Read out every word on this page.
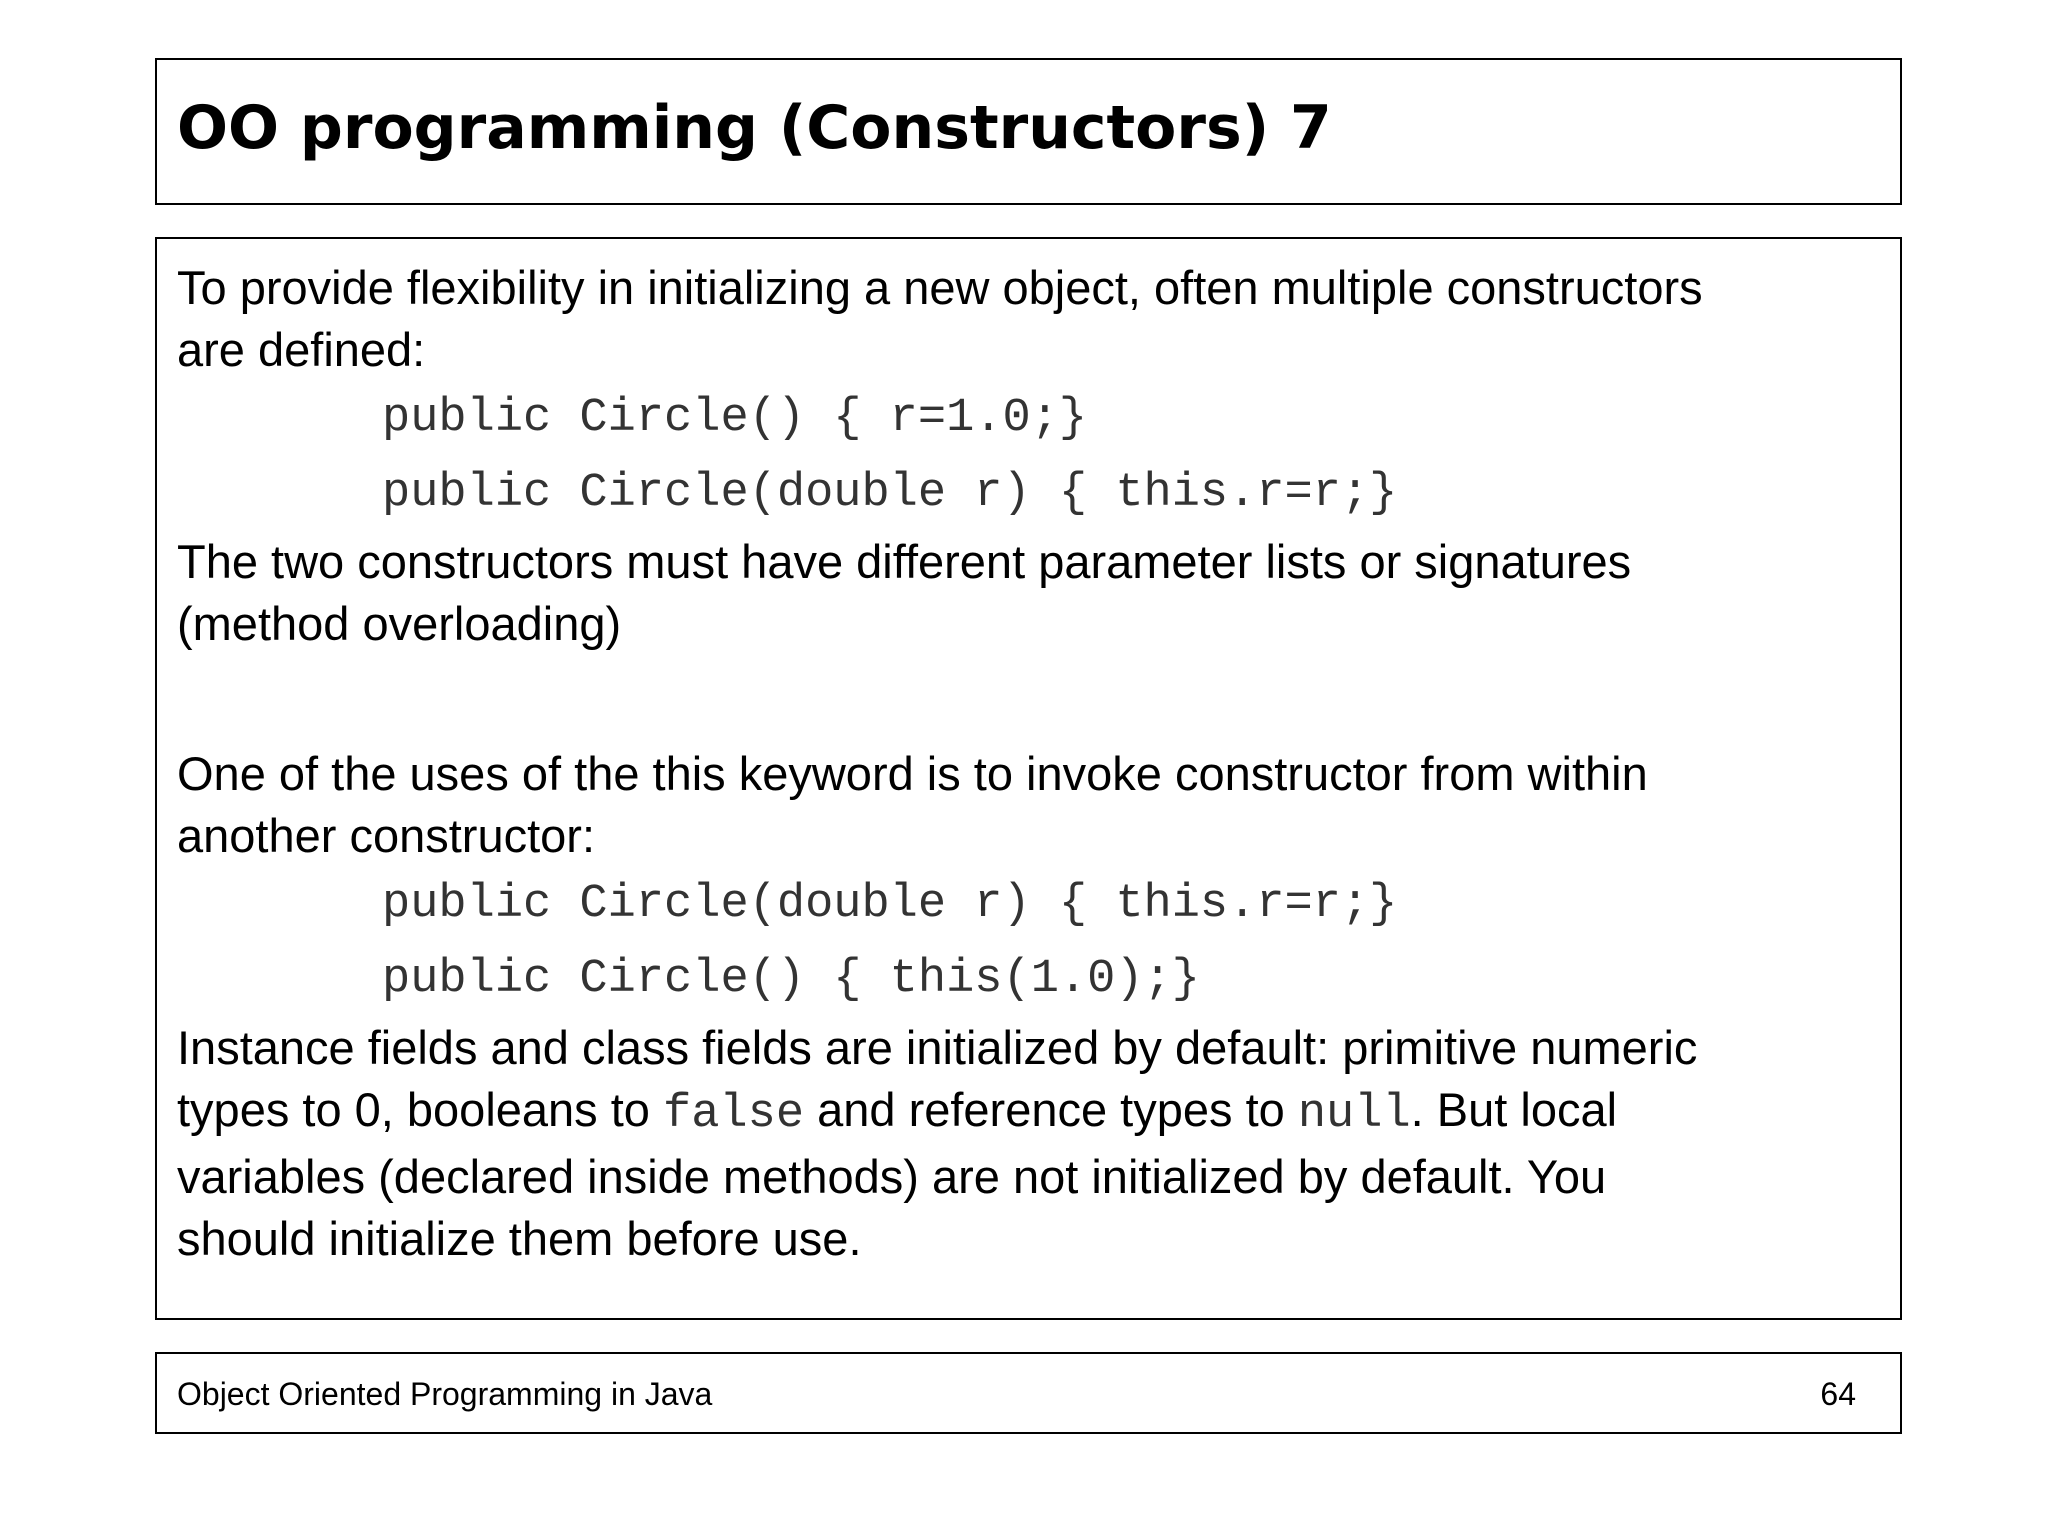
OO programming (Constructors) 7

To provide flexibility in initializing a new object, often multiple constructors
are defined:

public Circle() { r=1.0;}

public Circle(double r) { this.r=r;}

The two constructors must have different parameter lists or signatures
(method overloading)

One of the uses of the this keyword is to invoke constructor from within
another constructor:

public Circle(double r) { this.r=r;}

public Circle() { this(1.0);}

Instance fields and class fields are initialized by default: primitive numeric
types to 0, booleans to false and reference types to null. But local
variables (declared inside methods) are not initialized by default. You
should initialize them before use.

Object Oriented Programming in Java	64
